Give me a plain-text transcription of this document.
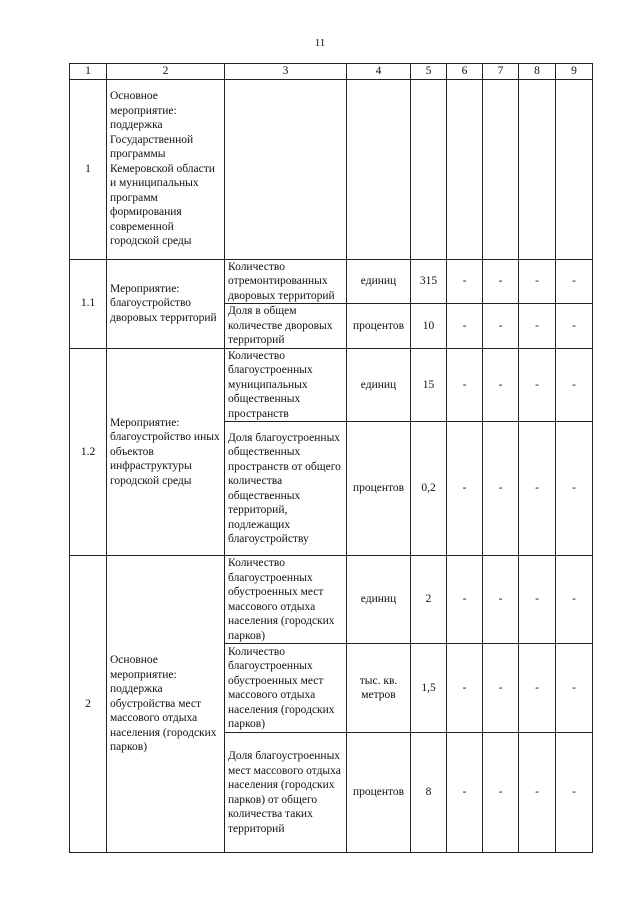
11
1	2	3	4	5	6	7	8	9
1	Основное мероприятие: поддержка Государственной программы Кемеровской области и муниципальных программ формирования современной городской среды							
1.1	Мероприятие: благоустройство дворовых территорий	Количество отремонтированных дворовых территорий	единиц	315	-	-	-	-
		Доля в общем количестве дворовых территорий	процентов	10	-	-	-	-
1.2	Мероприятие: благоустройство иных объектов инфраструктуры городской среды	Количество благоустроенных муниципальных общественных пространств	единиц	15	-	-	-	-
		Доля благоустроенных общественных пространств от общего количества общественных территорий, подлежащих благоустройству	процентов	0,2	-	-	-	-
2	Основное мероприятие: поддержка обустройства мест массового отдыха населения (городских парков)	Количество благоустроенных обустроенных мест массового отдыха населения (городских парков)	единиц	2	-	-	-	-
		Количество благоустроенных обустроенных мест массового отдыха населения (городских парков)	тыс. кв. метров	1,5	-	-	-	-
		Доля благоустроенных мест массового отдыха населения (городских парков) от общего количества таких территорий	процентов	8	-	-	-	-
